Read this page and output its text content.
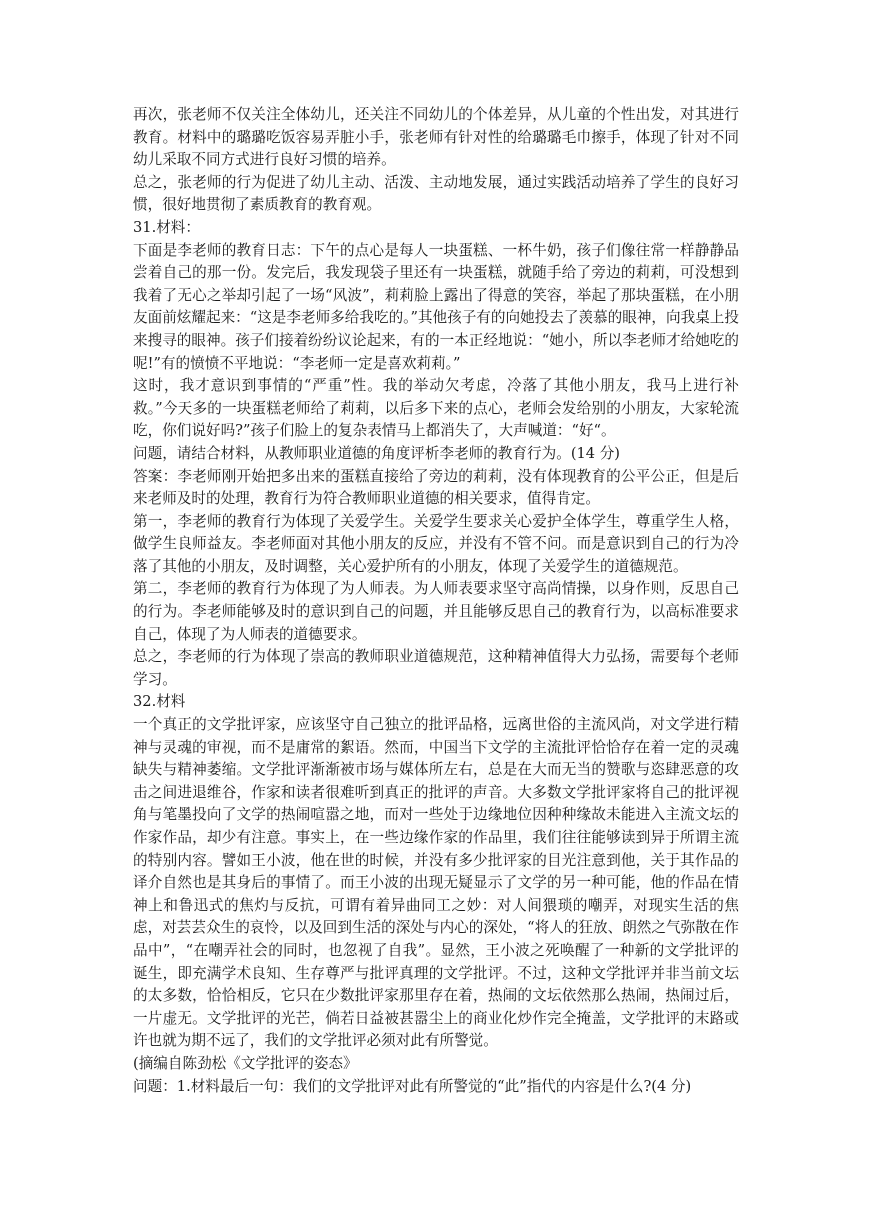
再次，张老师不仅关注全体幼儿，还关注不同幼儿的个体差异，从儿童的个性出发，对其进行教育。材料中的璐璐吃饭容易弄脏小手，张老师有针对性的给璐璐毛巾擦手，体现了针对不同幼儿采取不同方式进行良好习惯的培养。

总之，张老师的行为促进了幼儿主动、活泼、主动地发展，通过实践活动培养了学生的良好习惯，很好地贯彻了素质教育的教育观。

31.材料：

下面是李老师的教育日志：下午的点心是每人一块蛋糕、一杯牛奶，孩子们像往常一样静静品尝着自己的那一份。发完后，我发现袋子里还有一块蛋糕，就随手给了旁边的莉莉，可没想到我着了无心之举却引起了一场“风波”，莉莉脸上露出了得意的笑容，举起了那块蛋糕，在小朋友面前炫耀起来：“这是李老师多给我吃的。”其他孩子有的向她投去了羡慕的眼神，向我桌上投来搜寻的眼神。孩子们接着纷纷议论起来，有的一本正经地说：“她小，所以李老师才给她吃的呢!”有的愤愤不平地说：“李老师一定是喜欢莉莉。”

这时，我才意识到事情的“严重”性。我的举动欠考虑，冷落了其他小朋友，我马上进行补救。”今天多的一块蛋糕老师给了莉莉，以后多下来的点心，老师会发给别的小朋友，大家轮流吃，你们说好吗?”孩子们脸上的复杂表情马上都消失了，大声喊道：“好“。

问题，请结合材料，从教师职业道德的角度评析李老师的教育行为。(14 分)

答案：李老师刚开始把多出来的蛋糕直接给了旁边的莉莉，没有体现教育的公平公正，但是后来老师及时的处理，教育行为符合教师职业道德的相关要求，值得肯定。

第一，李老师的教育行为体现了关爱学生。关爱学生要求关心爱护全体学生，尊重学生人格，做学生良师益友。李老师面对其他小朋友的反应，并没有不管不问。而是意识到自己的行为冷落了其他的小朋友，及时调整，关心爱护所有的小朋友，体现了关爱学生的道德规范。

第二，李老师的教育行为体现了为人师表。为人师表要求坚守高尚情操，以身作则，反思自己的行为。李老师能够及时的意识到自己的问题，并且能够反思自己的教育行为，以高标准要求自己，体现了为人师表的道德要求。

总之，李老师的行为体现了崇高的教师职业道德规范，这种精神值得大力弘扬，需要每个老师学习。

32.材料

一个真正的文学批评家，应该坚守自己独立的批评品格，远离世俗的主流风尚，对文学进行精神与灵魂的审视，而不是庸常的絮语。然而，中国当下文学的主流批评恰恰存在着一定的灵魂缺失与精神萎缩。文学批评渐渐被市场与媒体所左右，总是在大而无当的赞歌与恣肆恶意的攻击之间进退维谷，作家和读者很难听到真正的批评的声音。大多数文学批评家将自己的批评视角与笔墨投向了文学的热闹喧嚣之地，而对一些处于边缘地位因种种缘故未能进入主流文坛的作家作品，却少有注意。事实上，在一些边缘作家的作品里，我们往往能够读到异于所谓主流的特别内容。譬如王小波，他在世的时候，并没有多少批评家的目光注意到他，关于其作品的译介自然也是其身后的事情了。而王小波的出现无疑显示了文学的另一种可能，他的作品在情神上和鲁迅式的焦灼与反抗，可谓有着异曲同工之妙：对人间猥琐的嘲弄，对现实生活的焦虑，对芸芸众生的哀怜，以及回到生活的深处与内心的深处，“将人的狂放、朗然之气弥散在作品中”，“在嘲弄社会的同时，也忽视了自我”。显然，王小波之死唤醒了一种新的文学批评的诞生，即充满学术良知、生存尊严与批评真理的文学批评。不过，这种文学批评并非当前文坛的太多数，恰恰相反，它只在少数批评家那里存在着，热闹的文坛依然那么热闹，热闹过后，一片虚无。文学批评的光芒，倘若日益被甚嚣尘上的商业化炒作完全掩盖，文学批评的末路或许也就为期不远了，我们的文学批评必须对此有所警觉。

(摘编自陈劲松《文学批评的姿态》

问题：1.材料最后一句：我们的文学批评对此有所警觉的“此”指代的内容是什么?(4 分)
